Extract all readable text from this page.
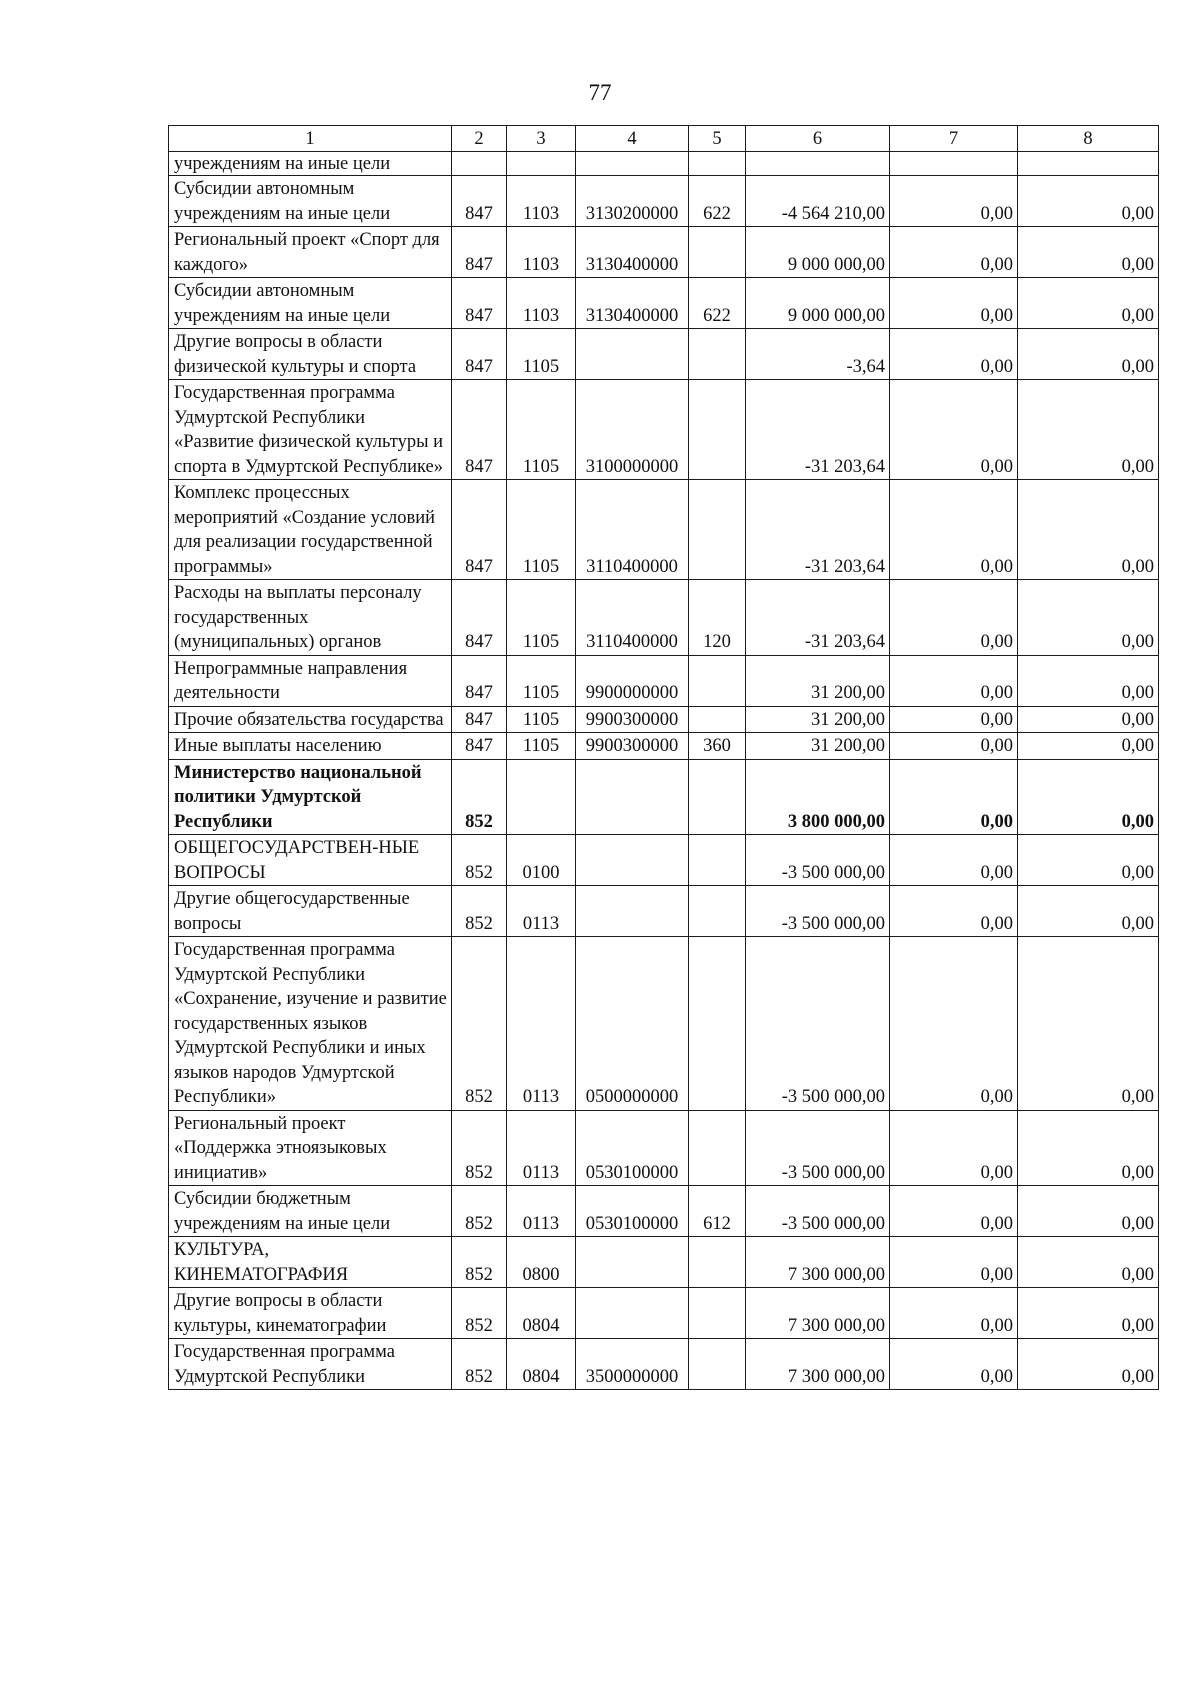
77
1	2	3	4	5	6	7	8
учреждениям на иные цели							
Субсидии автономным учреждениям на иные цели	847	1103	3130200000	622	-4 564 210,00	0,00	0,00
Региональный проект «Спорт для каждого»	847	1103	3130400000		9 000 000,00	0,00	0,00
Субсидии автономным учреждениям на иные цели	847	1103	3130400000	622	9 000 000,00	0,00	0,00
Другие вопросы в области физической культуры и спорта	847	1105			-3,64	0,00	0,00
Государственная программа Удмуртской Республики «Развитие физической культуры и спорта в Удмуртской Республике»	847	1105	3100000000		-31 203,64	0,00	0,00
Комплекс процессных мероприятий «Создание условий для реализации государственной программы»	847	1105	3110400000		-31 203,64	0,00	0,00
Расходы на выплаты персоналу государственных (муниципальных) органов	847	1105	3110400000	120	-31 203,64	0,00	0,00
Непрограммные направления деятельности	847	1105	9900000000		31 200,00	0,00	0,00
Прочие обязательства государства	847	1105	9900300000		31 200,00	0,00	0,00
Иные выплаты населению	847	1105	9900300000	360	31 200,00	0,00	0,00
Министерство национальной политики Удмуртской Республики	852				3 800 000,00	0,00	0,00
ОБЩЕГОСУДАРСТВЕН-НЫЕ ВОПРОСЫ	852	0100			-3 500 000,00	0,00	0,00
Другие общегосударственные вопросы	852	0113			-3 500 000,00	0,00	0,00
Государственная программа Удмуртской Республики «Сохранение, изучение и развитие государственных языков Удмуртской Республики и иных языков народов Удмуртской Республики»	852	0113	0500000000		-3 500 000,00	0,00	0,00
Региональный проект «Поддержка этноязыковых инициатив»	852	0113	0530100000		-3 500 000,00	0,00	0,00
Субсидии бюджетным учреждениям на иные цели	852	0113	0530100000	612	-3 500 000,00	0,00	0,00
КУЛЬТУРА, КИНЕМАТОГРАФИЯ	852	0800			7 300 000,00	0,00	0,00
Другие вопросы в области культуры, кинематографии	852	0804			7 300 000,00	0,00	0,00
Государственная программа Удмуртской Республики	852	0804	3500000000		7 300 000,00	0,00	0,00
